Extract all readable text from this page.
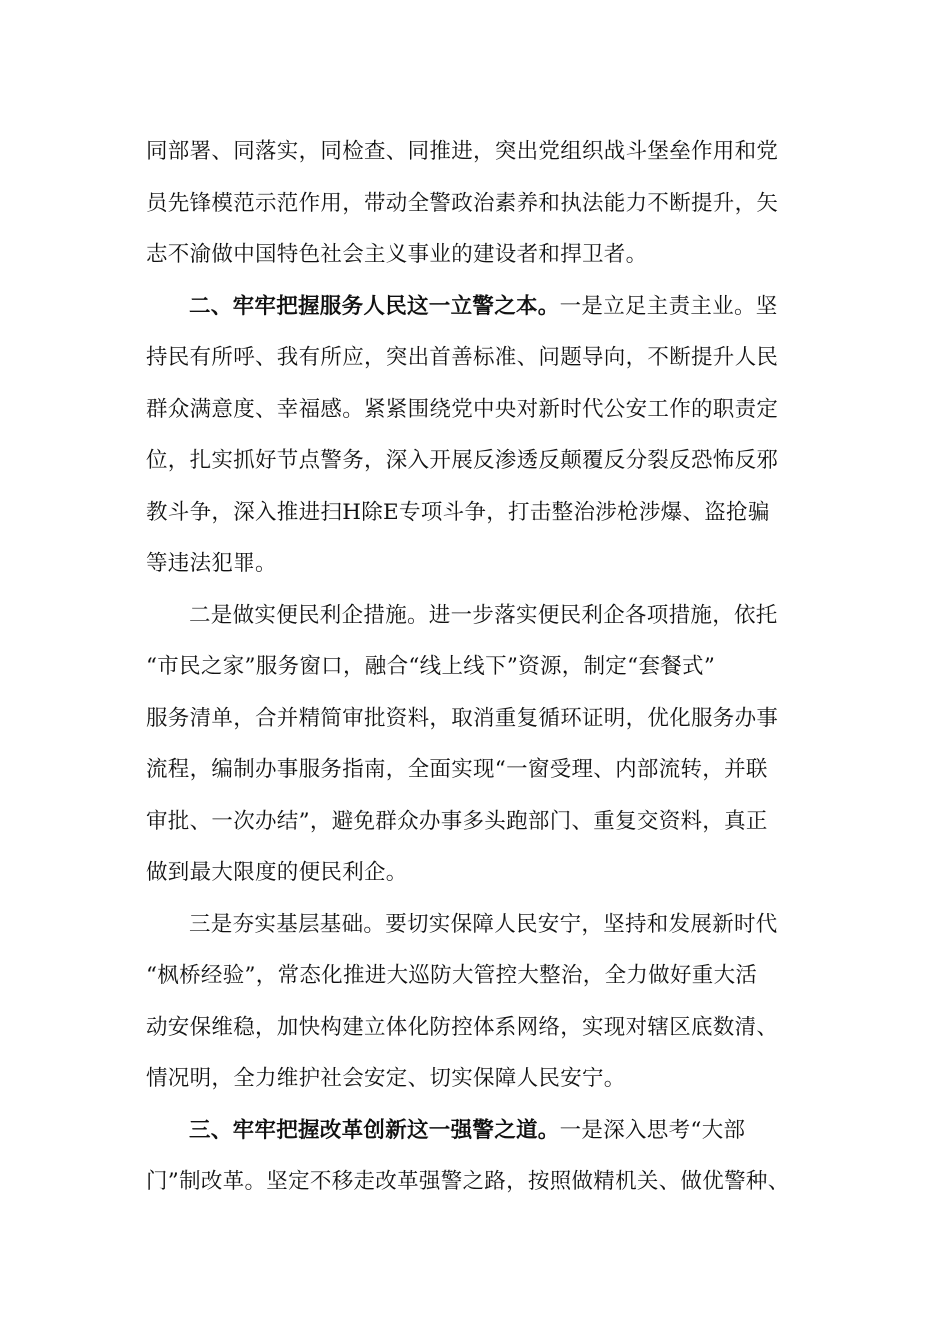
同部署、同落实，同检查、同推进，突出党组织战斗堡垒作用和党
员先锋模范示范作用，带动全警政治素养和执法能力不断提升，矢
志不渝做中国特色社会主义事业的建设者和捍卫者。
二、牢牢把握服务人民这一立警之本。一是立足主责主业。坚
持民有所呼、我有所应，突出首善标准、问题导向，不断提升人民
群众满意度、幸福感。紧紧围绕党中央对新时代公安工作的职责定
位，扎实抓好节点警务，深入开展反渗透反颠覆反分裂反恐怖反邪
教斗争，深入推进扫H除E专项斗争，打击整治涉枪涉爆、盗抢骗
等违法犯罪。
二是做实便民利企措施。进一步落实便民利企各项措施，依托
“市民之家”服务窗口，融合“线上线下”资源，制定“套餐式”
服务清单，合并精简审批资料，取消重复循环证明，优化服务办事
流程，编制办事服务指南，全面实现“一窗受理、内部流转，并联
审批、一次办结”，避免群众办事多头跑部门、重复交资料，真正
做到最大限度的便民利企。
三是夯实基层基础。要切实保障人民安宁，坚持和发展新时代
“枫桥经验”，常态化推进大巡防大管控大整治，全力做好重大活
动安保维稳，加快构建立体化防控体系网络，实现对辖区底数清、
情况明，全力维护社会安定、切实保障人民安宁。
三、牢牢把握改革创新这一强警之道。一是深入思考“大部
门”制改革。坚定不移走改革强警之路，按照做精机关、做优警种、
